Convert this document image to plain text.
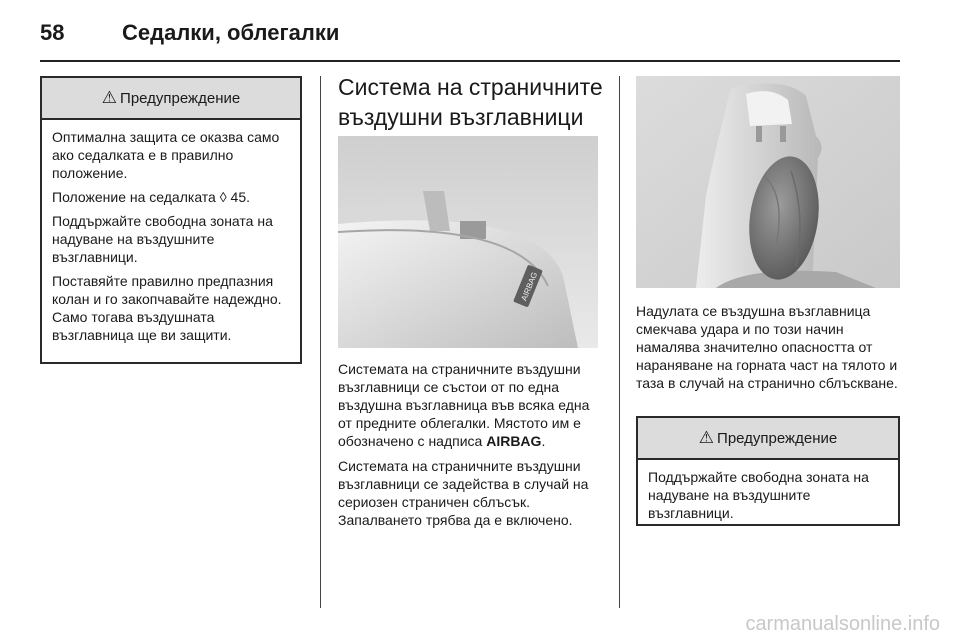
58	Седалки, облегалки
⚠ Предупреждение

Оптимална защита се оказва само ако седалката е в правилно положение.

Положение на седалката ◊ 45.

Поддържайте свободна зоната на надуване на въздушните възглавници.

Поставяйте правилно предпазния колан и го закопчавайте надеждно. Само тогава въздушната възглавница ще ви защити.

Система на страничните въздушни възглавници
AIRBAG

Системата на страничните въздушни възглавници се състои от по една въздушна възглавница във всяка една от предните облегалки. Мястото им е обозначено с надписа AIRBAG.

Системата на страничните въздушни възглавници се задейства в случай на сериозен страничен сблъсък. Запалването трябва да е включено.

Надулата се въздушна възглавница смекчава удара и по този начин намалява значително опасността от нараняване на горната част на тялото и таза в случай на странично сблъскване.

⚠ Предупреждение

Поддържайте свободна зоната на надуване на въздушните възглавници.

carmanualsonline.info
